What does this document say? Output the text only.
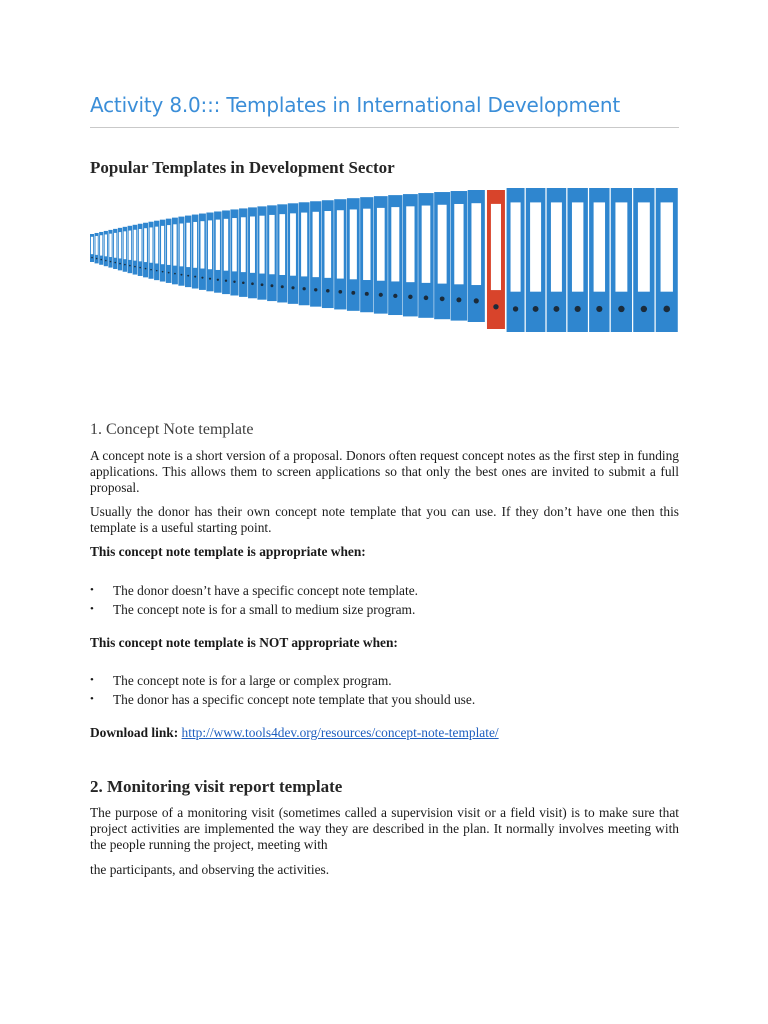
Activity 8.0::: Templates in International Development
Popular Templates in Development Sector
1. Concept Note template
A concept note is a short version of a proposal. Donors often request concept notes as the first step in funding applications. This allows them to screen applications so that only the best ones are invited to submit a full proposal.
Usually the donor has their own concept note template that you can use. If they don’t have one then this template is a useful starting point.
This concept note template is appropriate when:
• The donor doesn’t have a specific concept note template.
• The concept note is for a small to medium size program.
This concept note template is NOT appropriate when:
• The concept note is for a large or complex program.
• The donor has a specific concept note template that you should use.
Download link: http://www.tools4dev.org/resources/concept-note-template/
2. Monitoring visit report template
The purpose of a monitoring visit (sometimes called a supervision visit or a field visit) is to make sure that project activities are implemented the way they are described in the plan. It normally involves meeting with the people running the project, meeting with
the participants, and observing the activities.
